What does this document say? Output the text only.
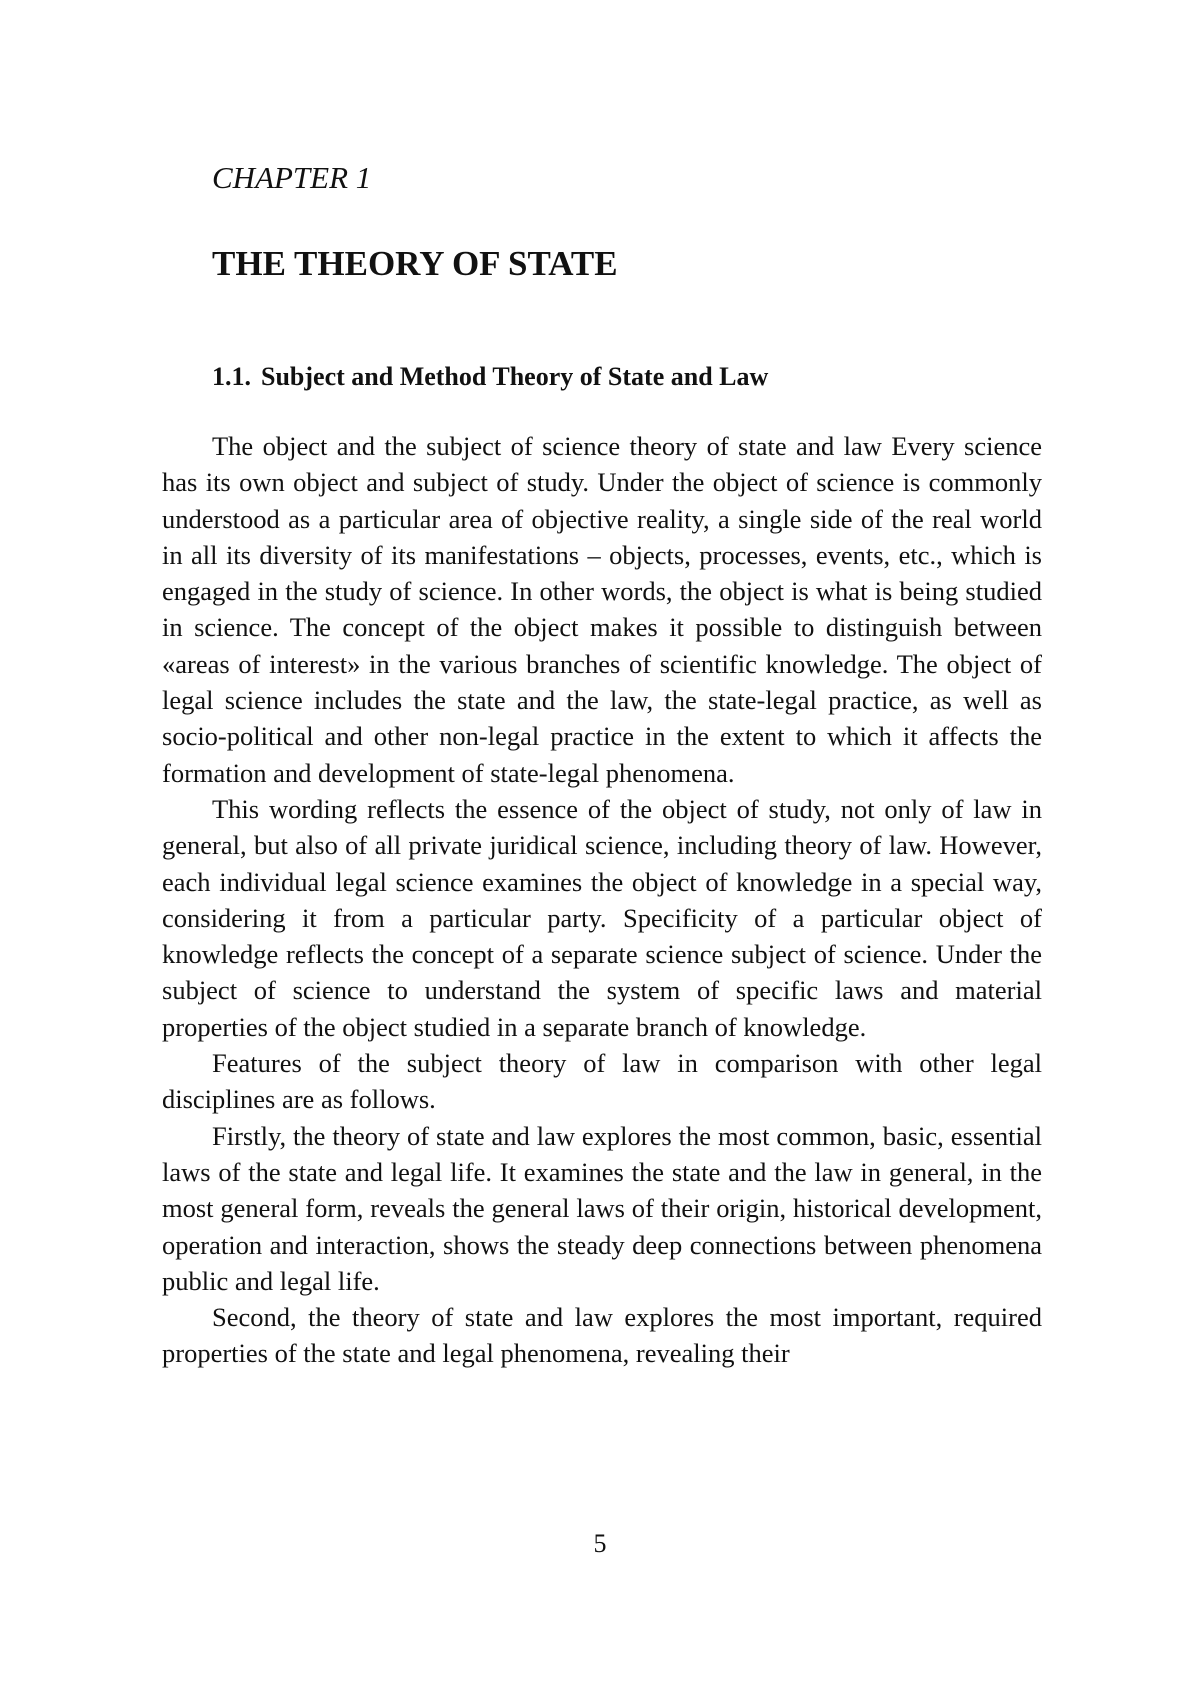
CHAPTER 1
THE THEORY OF STATE
1.1. Subject and Method Theory of State and Law

The object and the subject of science theory of state and law Every science has its own object and subject of study. Under the object of science is commonly understood as a particular area of objective reality, a single side of the real world in all its diversity of its manifestations – objects, processes, events, etc., which is engaged in the study of science. In other words, the object is what is being studied in science. The concept of the object makes it possible to distinguish between «areas of interest» in the various branches of scientific knowledge. The object of legal science includes the state and the law, the state-legal practice, as well as socio-political and other non-legal practice in the extent to which it affects the formation and development of state-legal phenomena.

This wording reflects the essence of the object of study, not only of law in general, but also of all private juridical science, including theory of law. However, each individual legal science examines the object of knowledge in a special way, considering it from a particular party. Specificity of a particular object of knowledge reflects the concept of a separate science subject of science. Under the subject of science to understand the system of specific laws and material properties of the object studied in a separate branch of knowledge.

Features of the subject theory of law in comparison with other legal disciplines are as follows.

Firstly, the theory of state and law explores the most common, basic, essential laws of the state and legal life. It examines the state and the law in general, in the most general form, reveals the general laws of their origin, historical development, operation and interaction, shows the steady deep connections between phenomena public and legal life.

Second, the theory of state and law explores the most important, required properties of the state and legal phenomena, revealing their

5
